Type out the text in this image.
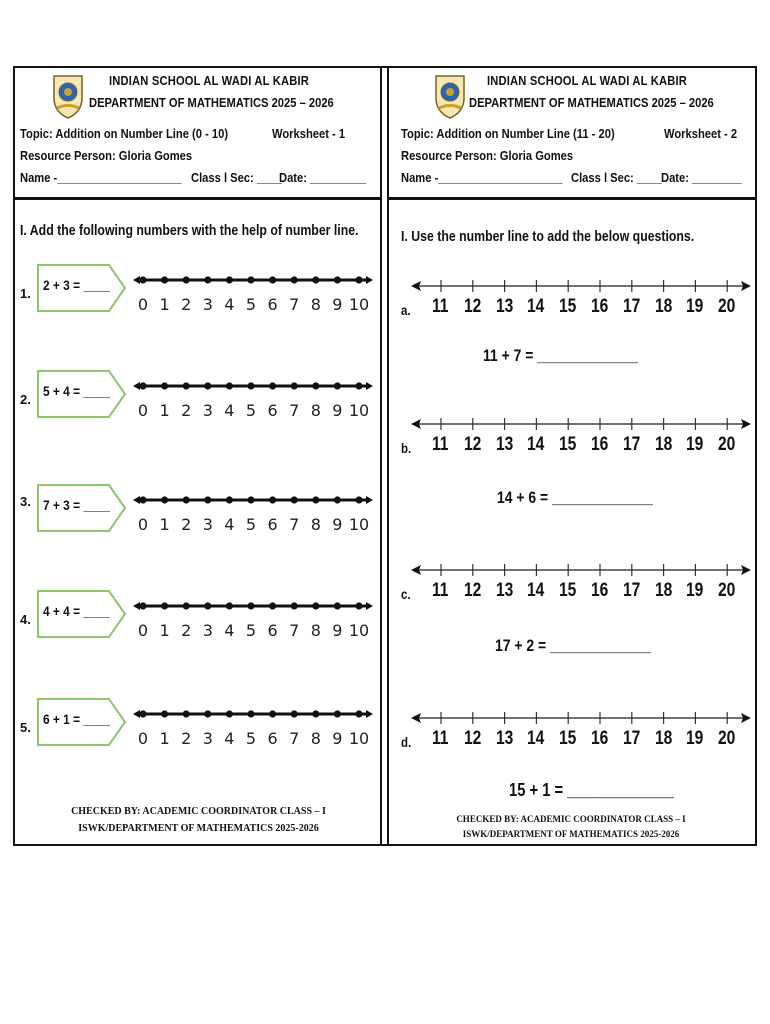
INDIAN SCHOOL AL WADI AL KABIR
DEPARTMENT OF MATHEMATICS 2025 – 2026
Topic: Addition on Number Line (0 - 10)	Worksheet - 1
Resource Person: Gloria Gomes
Name -____________________ Class l Sec: ____
Date: _________
I. Add the following numbers with the help of number line.
1.
2 + 3 = ____
0 1 2 3 4 5 6 7 8 9 10
2.
5 + 4 = ____
0 1 2 3 4 5 6 7 8 9 10
3. 7 + 3 = ____
0 1 2 3 4 5 6 7 8 9 10
4.
4 + 4 = ____
0 1 2 3 4 5 6 7 8 9 10
5.
6 + 1 = ____
0 1 2 3 4 5 6 7 8 9 10
CHECKED BY: ACADEMIC COORDINATOR CLASS – I
ISWK/DEPARTMENT OF MATHEMATICS 2025-2026
INDIAN SCHOOL AL WADI AL KABIR
DEPARTMENT OF MATHEMATICS 2025 – 2026
Topic: Addition on Number Line (11 - 20)	Worksheet - 2
Resource Person: Gloria Gomes
Name -____________________ Class l Sec: ____ Date: ________
I. Use the number line to add the below questions.
11 12 13 14 15 16 17 18 19 20
a.
11 + 7 = _____________
11 12 13 14 15 16 17 18 19 20
b.
14 + 6 = _____________
11 12 13 14 15 16 17 18 19 20
c.
17 + 2 = _____________
11 12 13 14 15 16 17 18 19 20
d.
15 + 1 = _____________
CHECKED BY: ACADEMIC COORDINATOR CLASS – I
ISWK/DEPARTMENT OF MATHEMATICS 2025-2026
